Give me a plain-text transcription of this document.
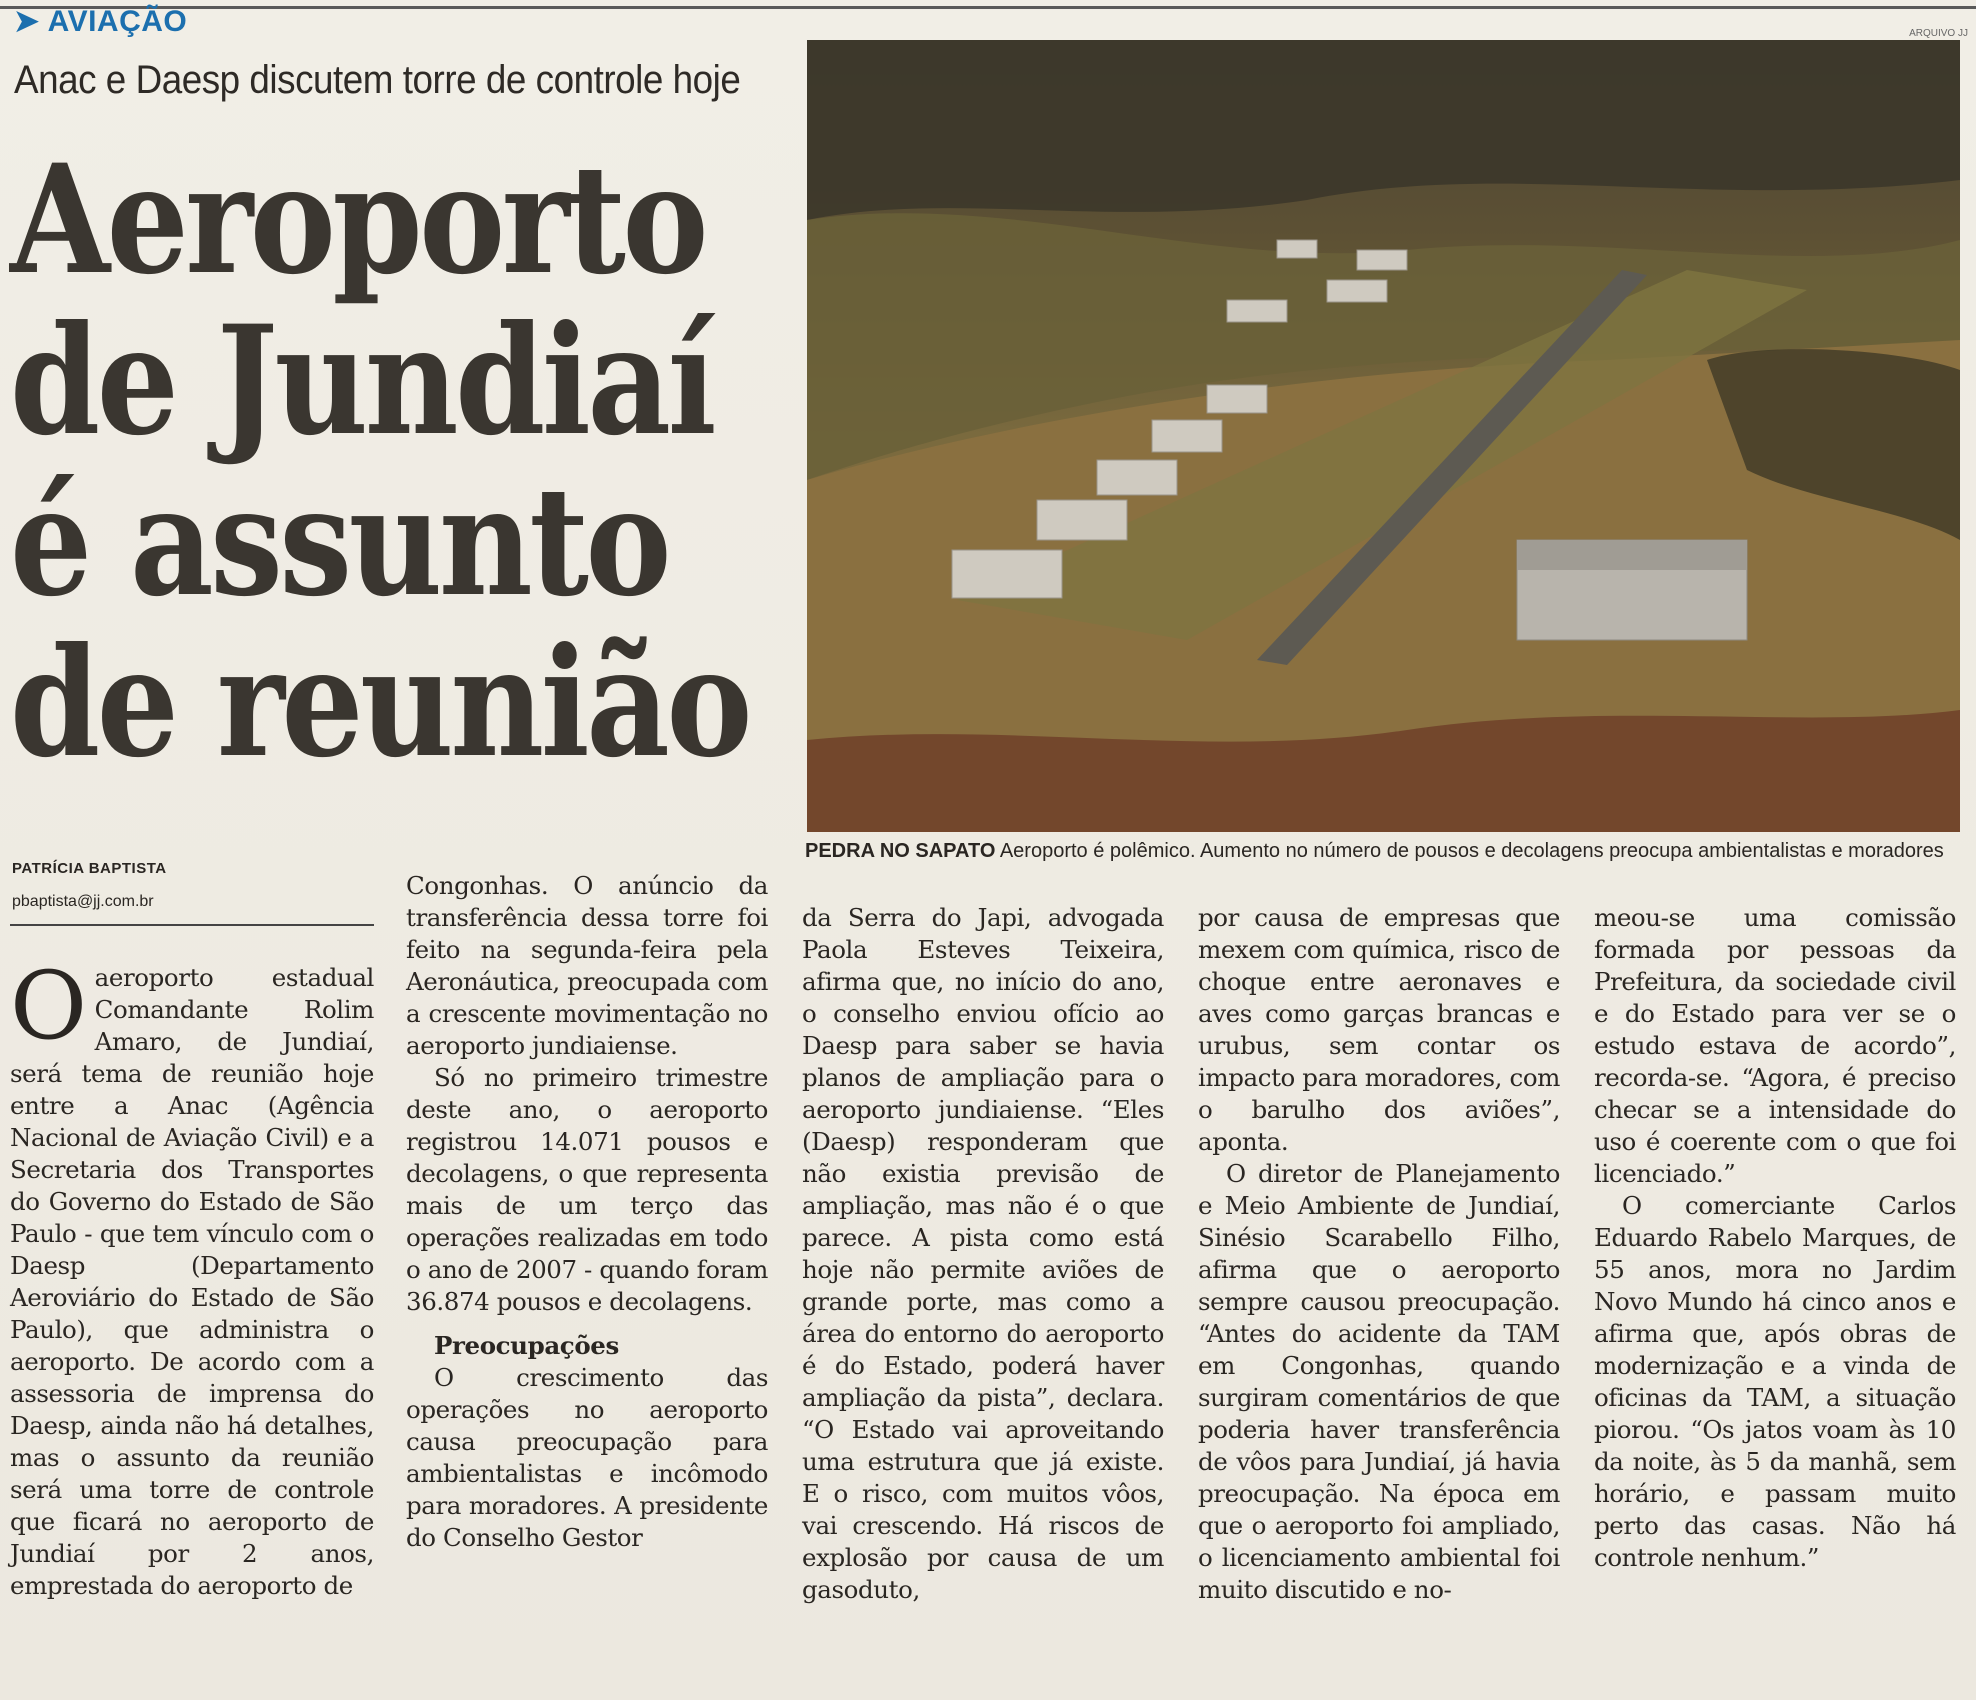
➤ AVIAÇÃO	ARQUIVO JJ
Anac e Daesp discutem torre de controle hoje
Aeroporto
de Jundiaí
é assunto
de reunião
PEDRA NO SAPATO Aeroporto é polêmico. Aumento no número de pousos e decolagens preocupa ambientalistas e moradores
PATRÍCIA BAPTISTA
pbaptista@jj.com.br

Oaeroporto estadual Comandante Rolim Amaro, de Jundiaí, será tema de reunião hoje entre a Anac (Agência Nacional de Aviação Civil) e a Secretaria dos Transportes do Governo do Estado de São Paulo - que tem vínculo com o Daesp (Departamento Aeroviário do Estado de São Paulo), que administra o aeroporto. De acordo com a assessoria de imprensa do Daesp, ainda não há detalhes, mas o assunto da reunião será uma torre de controle que ficará no aeroporto de Jundiaí por 2 anos, emprestada do aeroporto de

Congonhas. O anúncio da transferência dessa torre foi feito na segunda-feira pela Aeronáutica, preocupada com a crescente movimentação no aeroporto jundiaiense.

Só no primeiro trimestre deste ano, o aeroporto registrou 14.071 pousos e decolagens, o que representa mais de um terço das operações realizadas em todo o ano de 2007 - quando foram 36.874 pousos e decolagens.

Preocupações

O crescimento das operações no aeroporto causa preocupação para ambientalistas e incômodo para moradores. A presidente do Conselho Gestor

da Serra do Japi, advogada Paola Esteves Teixeira, afirma que, no início do ano, o conselho enviou ofício ao Daesp para saber se havia planos de ampliação para o aeroporto jundiaiense. “Eles (Daesp) responderam que não existia previsão de ampliação, mas não é o que parece. A pista como está hoje não permite aviões de grande porte, mas como a área do entorno do aeroporto é do Estado, poderá haver ampliação da pista”, declara. “O Estado vai aproveitando uma estrutura que já existe. E o risco, com muitos vôos, vai crescendo. Há riscos de explosão por causa de um gasoduto,

por causa de empresas que mexem com química, risco de choque entre aeronaves e aves como garças brancas e urubus, sem contar os impacto para moradores, com o barulho dos aviões”, aponta.

O diretor de Planejamento e Meio Ambiente de Jundiaí, Sinésio Scarabello Filho, afirma que o aeroporto sempre causou preocupação. “Antes do acidente da TAM em Congonhas, quando surgiram comentários de que poderia haver transferência de vôos para Jundiaí, já havia preocupação. Na época em que o aeroporto foi ampliado, o licenciamento ambiental foi muito discutido e no-

meou-se uma comissão formada por pessoas da Prefeitura, da sociedade civil e do Estado para ver se o estudo estava de acordo”, recorda-se. “Agora, é preciso checar se a intensidade do uso é coerente com o que foi licenciado.”

O comerciante Carlos Eduardo Rabelo Marques, de 55 anos, mora no Jardim Novo Mundo há cinco anos e afirma que, após obras de modernização e a vinda de oficinas da TAM, a situação piorou. “Os jatos voam às 10 da noite, às 5 da manhã, sem horário, e passam muito perto das casas. Não há controle nenhum.”
